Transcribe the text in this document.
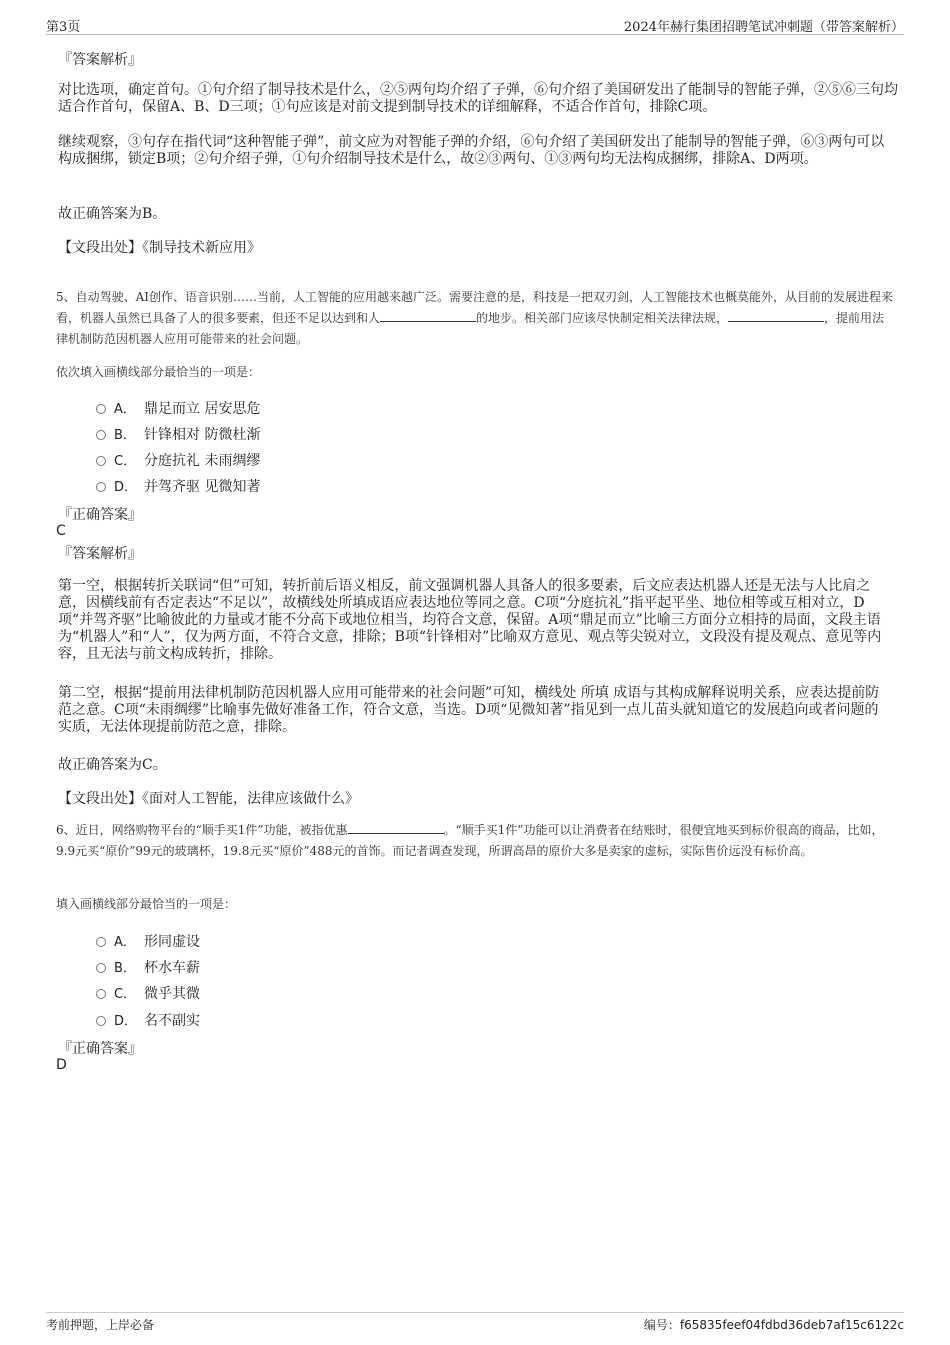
第3页	2024年赫行集团招聘笔试冲刺题（带答案解析）
『答案解析』
对比选项，确定首句。①句介绍了制导技术是什么，②⑤两句均介绍了子弹，⑥句介绍了美国研发出了能制导的智能子弹，②⑤⑥三句均适合作首句，保留A、B、D三项；①句应该是对前文提到制导技术的详细解释，不适合作首句，排除C项。
继续观察，③句存在指代词“这种智能子弹”，前文应为对智能子弹的介绍，⑥句介绍了美国研发出了能制导的智能子弹，⑥③两句可以构成捆绑，锁定B项；②句介绍子弹，①句介绍制导技术是什么，故②③两句、①③两句均无法构成捆绑，排除A、D两项。
故正确答案为B。
【文段出处】《制导技术新应用》
5、自动驾驶、AI创作、语音识别……当前，人工智能的应用越来越广泛。需要注意的是，科技是一把双刃剑，人工智能技术也概莫能外，从目前的发展进程来看，机器人虽然已具备了人的很多要素，但还不足以达到和人	的地步。相关部门应该尽快制定相关法律法规，	，提前用法律机制防范因机器人应用可能带来的社会问题。
依次填入画横线部分最恰当的一项是：
A． 鼎足而立 居安思危
B． 针锋相对 防微杜渐
C． 分庭抗礼 未雨绸缪
D． 并驾齐驱 见微知著
『正确答案』
C
『答案解析』
第一空，根据转折关联词“但”可知，转折前后语义相反，前文强调机器人具备人的很多要素，后文应表达机器人还是无法与人比肩之意，因横线前有否定表达“不足以”，故横线处所填成语应表达地位等同之意。C项“分庭抗礼”指平起平坐、地位相等或互相对立，D项“并驾齐驱”比喻彼此的力量或才能不分高下或地位相当，均符合文意，保留。A项“鼎足而立”比喻三方面分立相持的局面，文段主语为“机器人”和“人”，仅为两方面，不符合文意，排除；B项“针锋相对”比喻双方意见、观点等尖锐对立，文段没有提及观点、意见等内容，且无法与前文构成转折，排除。
第二空，根据“提前用法律机制防范因机器人应用可能带来的社会问题”可知，横线处 所填 成语与其构成解释说明关系，应表达提前防范之意。C项“未雨绸缪”比喻事先做好准备工作，符合文意，当选。D项“见微知著”指见到一点儿苗头就知道它的发展趋向或者问题的实质，无法体现提前防范之意，排除。
故正确答案为C。
【文段出处】《面对人工智能，法律应该做什么》
6、近日，网络购物平台的“顺手买1件”功能，被指优惠	。“顺手买1件”功能可以让消费者在结账时，很便宜地买到标价很高的商品，比如，9.9元买“原价”99元的玻璃杯，19.8元买“原价”488元的首饰。而记者调查发现，所谓高昂的原价大多是卖家的虚标，实际售价远没有标价高。
填入画横线部分最恰当的一项是：
A． 形同虚设
B． 杯水车薪
C． 微乎其微
D． 名不副实
『正确答案』
D
考前押题，上岸必备	编号：f65835feef04fdbd36deb7af15c6122c
